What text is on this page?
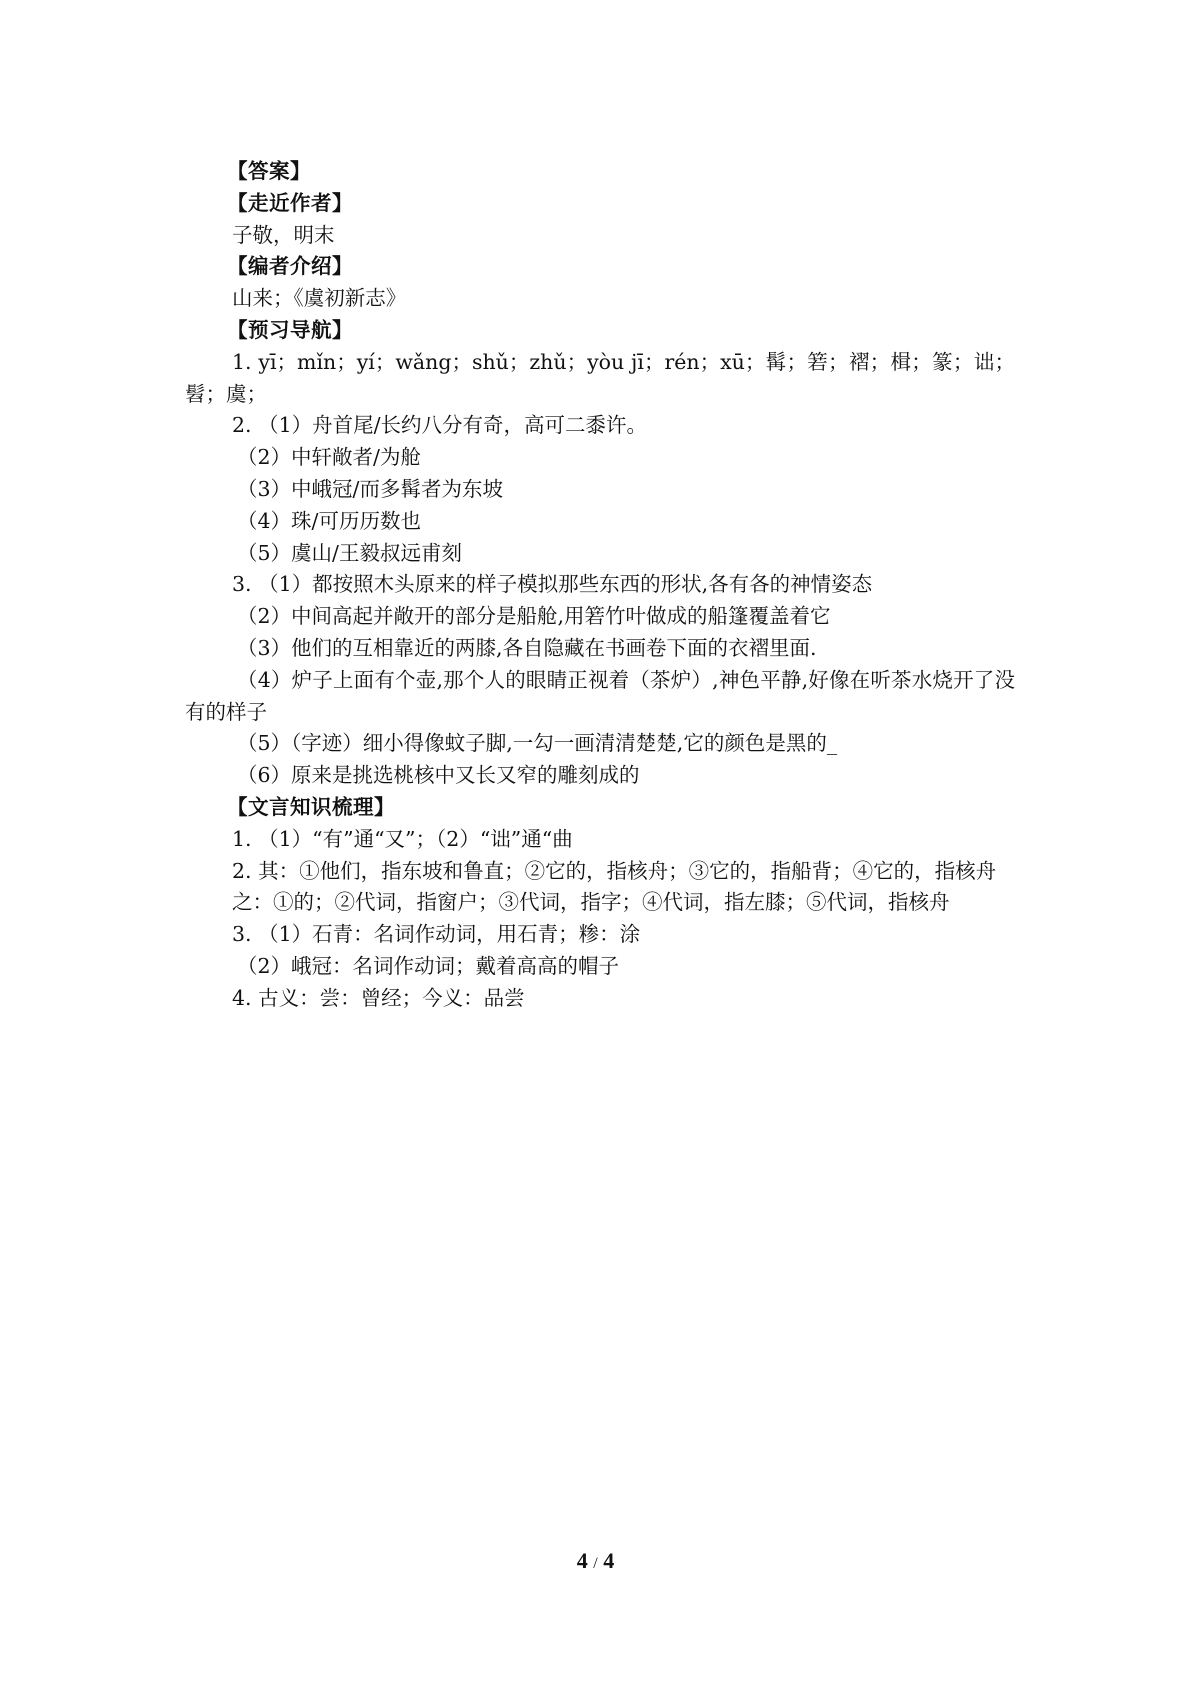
【答案】

【走近作者】

子敬，明末

【编者介绍】

山来；《虞初新志》

【预习导航】

1. yī；mǐn；yí；wǎng；shǔ；zhǔ；yòu jī；rén；xū；髯；箬；褶；楫；篆；诎；髫；虞；

2. （1）舟首尾/长约八分有奇，高可二黍许。

（2）中轩敞者/为舱

（3）中峨冠/而多髯者为东坡

（4）珠/可历历数也

（5）虞山/王毅叔远甫刻

3. （1）都按照木头原来的样子模拟那些东西的形状,各有各的神情姿态

（2）中间高起并敞开的部分是船舱,用箬竹叶做成的船篷覆盖着它

（3）他们的互相靠近的两膝,各自隐藏在书画卷下面的衣褶里面.

（4）炉子上面有个壶,那个人的眼睛正视着（茶炉）,神色平静,好像在听茶水烧开了没有的样子

（5）（字迹）细小得像蚊子脚,一勾一画清清楚楚,它的颜色是黑的_

（6）原来是挑选桃核中又长又窄的雕刻成的

【文言知识梳理】

1. （1）“有”通“又”；（2）“诎”通“曲

2. 其：①他们，指东坡和鲁直；②它的，指核舟；③它的，指船背；④它的，指核舟

之：①的；②代词，指窗户；③代词，指字；④代词，指左膝；⑤代词，指核舟

3. （1）石青：名词作动词，用石青；糁：涂

（2）峨冠：名词作动词；戴着高高的帽子

4. 古义：尝：曾经；今义：品尝

4 / 4
